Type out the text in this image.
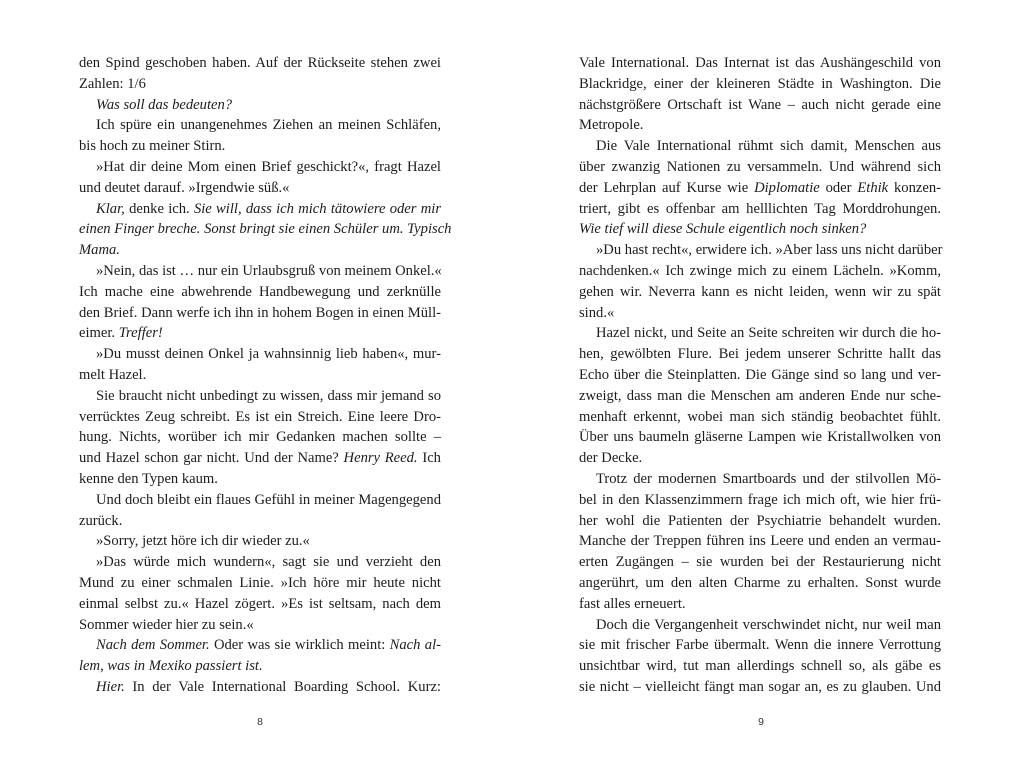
den Spind geschoben haben. Auf der Rückseite stehen zwei
Zahlen: 1/6
Was soll das bedeuten?
Ich spüre ein unangenehmes Ziehen an meinen Schläfen,
bis hoch zu meiner Stirn.
»Hat dir deine Mom einen Brief geschickt?«, fragt Hazel
und deutet darauf. »Irgendwie süß.«
Klar, denke ich. Sie will, dass ich mich tätowiere oder mir
einen Finger breche. Sonst bringt sie einen Schüler um. Typisch
Mama.
»Nein, das ist … nur ein Urlaubsgruß von meinem Onkel.«
Ich mache eine abwehrende Handbewegung und zerknülle
den Brief. Dann werfe ich ihn in hohem Bogen in einen Müll-
eimer. Treffer!
»Du musst deinen Onkel ja wahnsinnig lieb haben«, mur-
melt Hazel.
Sie braucht nicht unbedingt zu wissen, dass mir jemand so
verrücktes Zeug schreibt. Es ist ein Streich. Eine leere Dro-
hung. Nichts, worüber ich mir Gedanken machen sollte –
und Hazel schon gar nicht. Und der Name? Henry Reed. Ich
kenne den Typen kaum.
Und doch bleibt ein flaues Gefühl in meiner Magengegend
zurück.
»Sorry, jetzt höre ich dir wieder zu.«
»Das würde mich wundern«, sagt sie und verzieht den
Mund zu einer schmalen Linie. »Ich höre mir heute nicht
einmal selbst zu.« Hazel zögert. »Es ist seltsam, nach dem
Sommer wieder hier zu sein.«
Nach dem Sommer. Oder was sie wirklich meint: Nach al-
lem, was in Mexiko passiert ist.
Hier. In der Vale International Boarding School. Kurz:
8
Vale International. Das Internat ist das Aushängeschild von
Blackridge, einer der kleineren Städte in Washington. Die
nächstgrößere Ortschaft ist Wane – auch nicht gerade eine
Metropole.
Die Vale International rühmt sich damit, Menschen aus
über zwanzig Nationen zu versammeln. Und während sich
der Lehrplan auf Kurse wie Diplomatie oder Ethik konzen-
triert, gibt es offenbar am helllichten Tag Morddrohungen.
Wie tief will diese Schule eigentlich noch sinken?
»Du hast recht«, erwidere ich. »Aber lass uns nicht darüber
nachdenken.« Ich zwinge mich zu einem Lächeln. »Komm,
gehen wir. Neverra kann es nicht leiden, wenn wir zu spät
sind.«
Hazel nickt, und Seite an Seite schreiten wir durch die ho-
hen, gewölbten Flure. Bei jedem unserer Schritte hallt das
Echo über die Steinplatten. Die Gänge sind so lang und ver-
zweigt, dass man die Menschen am anderen Ende nur sche-
menhaft erkennt, wobei man sich ständig beobachtet fühlt.
Über uns baumeln gläserne Lampen wie Kristallwolken von
der Decke.
Trotz der modernen Smartboards und der stilvollen Mö-
bel in den Klassenzimmern frage ich mich oft, wie hier frü-
her wohl die Patienten der Psychiatrie behandelt wurden.
Manche der Treppen führen ins Leere und enden an vermau-
erten Zugängen – sie wurden bei der Restaurierung nicht
angerührt, um den alten Charme zu erhalten. Sonst wurde
fast alles erneuert.
Doch die Vergangenheit verschwindet nicht, nur weil man
sie mit frischer Farbe übermalt. Wenn die innere Verrottung
unsichtbar wird, tut man allerdings schnell so, als gäbe es
sie nicht – vielleicht fängt man sogar an, es zu glauben. Und
9
